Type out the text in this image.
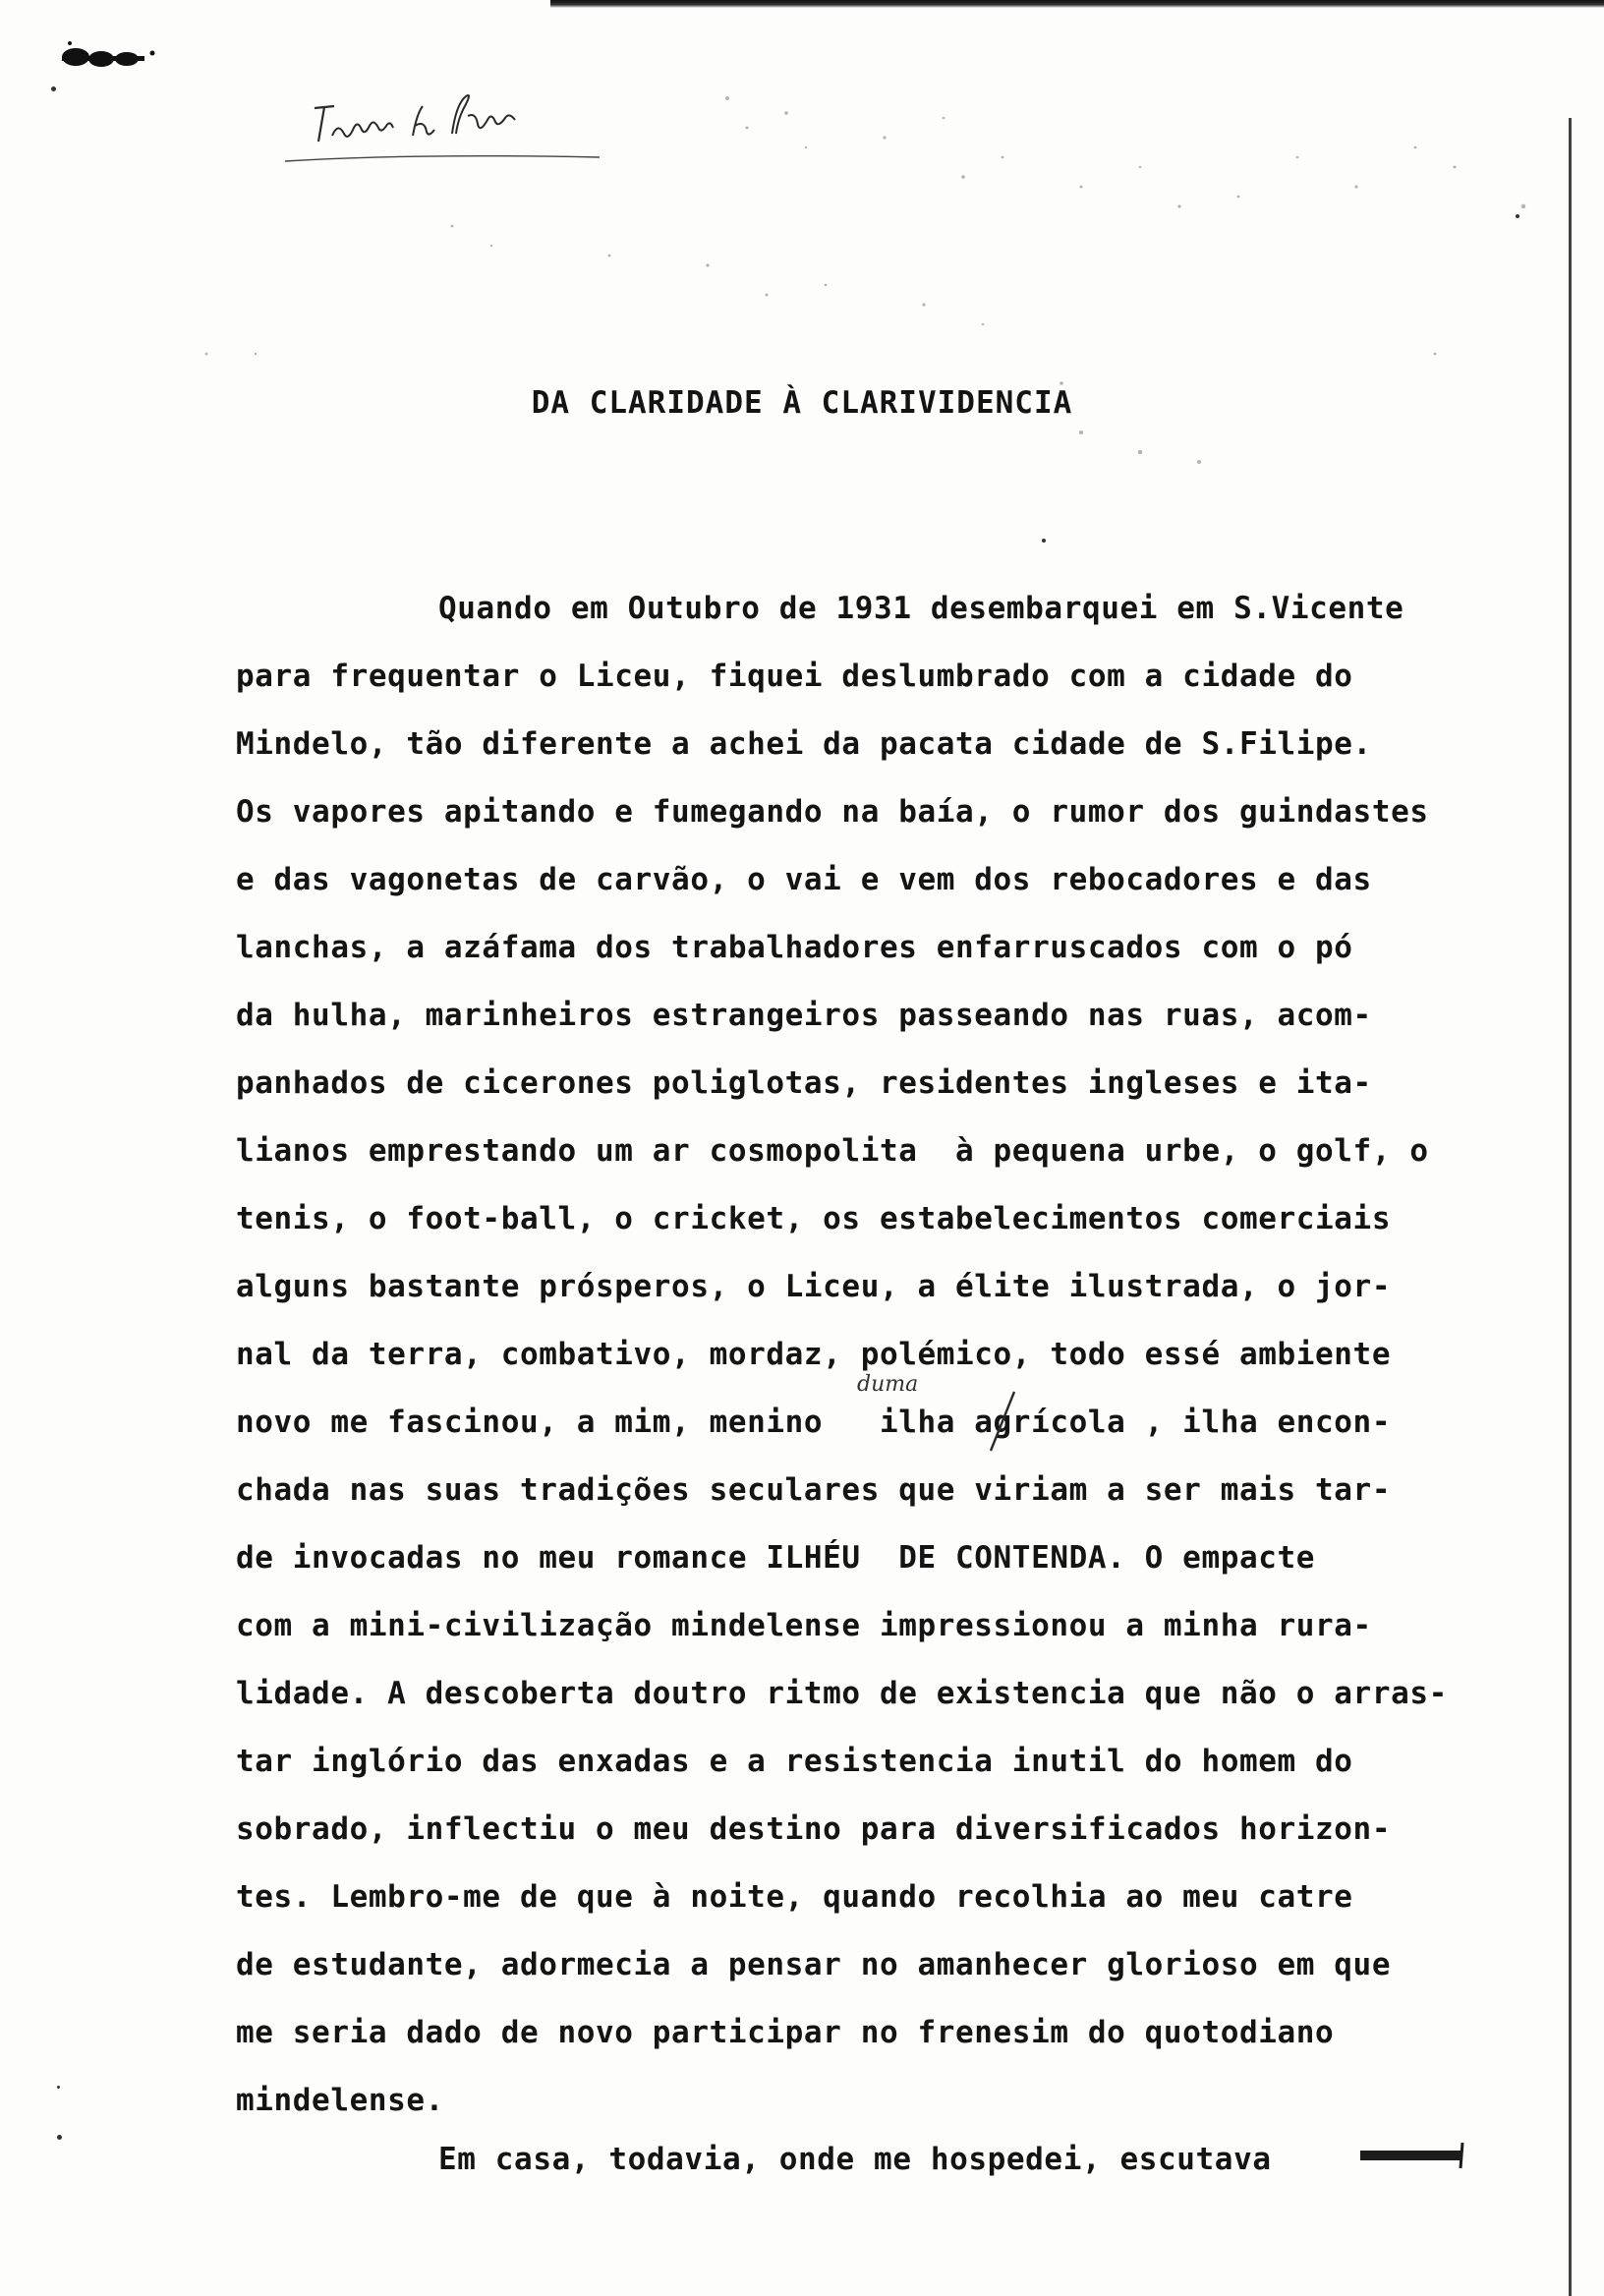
DA CLARIDADE À CLARIVIDENCIA
Quando em Outubro de 1931 desembarquei em S.Vicente
para frequentar o Liceu, fiquei deslumbrado com a cidade do
Mindelo, tão diferente a achei da pacata cidade de S.Filipe.
Os vapores apitando e fumegando na baía, o rumor dos guindastes
e das vagonetas de carvão, o vai e vem dos rebocadores e das
lanchas, a azáfama dos trabalhadores enfarruscados com o pó
da hulha, marinheiros estrangeiros passeando nas ruas, acom-
panhados de cicerones poliglotas, residentes ingleses e ita-
lianos emprestando um ar cosmopolita  à pequena urbe, o golf, o
tenis, o foot-ball, o cricket, os estabelecimentos comerciais
alguns bastante prósperos, o Liceu, a élite ilustrada, o jor-
nal da terra, combativo, mordaz, polémico, todo essé ambiente
novo me fascinou, a mim, menino   ilha agrícola , ilha encon-
chada nas suas tradições seculares que viriam a ser mais tar-
de invocadas no meu romance ILHÉU  DE CONTENDA. O empacte
com a mini-civilização mindelense impressionou a minha rura-
lidade. A descoberta doutro ritmo de existencia que não o arras-
tar inglório das enxadas e a resistencia inutil do homem do
sobrado, inflectiu o meu destino para diversificados horizon-
tes. Lembro-me de que à noite, quando recolhia ao meu catre
de estudante, adormecia a pensar no amanhecer glorioso em que
me seria dado de novo participar no frenesim do quotodiano
mindelense.
Em casa, todavia, onde me hospedei, escutava
duma
